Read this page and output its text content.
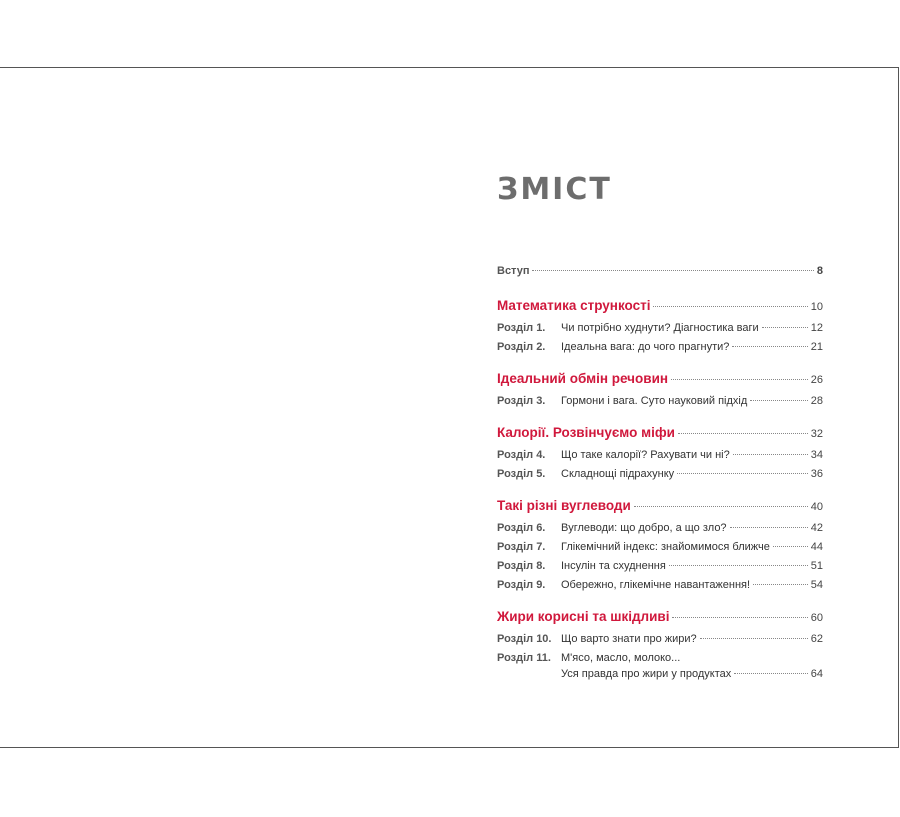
ЗМІСТ
Вступ	8
Математика стрункості	10
Розділ 1.	Чи потрібно худнути? Діагностика ваги	12
Розділ 2.	Ідеальна вага: до чого прагнути?	21
Ідеальний обмін речовин	26
Розділ 3.	Гормони і вага. Суто науковий підхід	28
Калорії. Розвінчуємо міфи	32
Розділ 4.	Що таке калорії? Рахувати чи ні?	34
Розділ 5.	Складнощі підрахунку	36
Такі різні вуглеводи	40
Розділ 6.	Вуглеводи: що добро, а що зло?	42
Розділ 7.	Глікемічний індекс: знайомимося ближче	44
Розділ 8.	Інсулін та схуднення	51
Розділ 9.	Обережно, глікемічне навантаження!	54
Жири корисні та шкідливі	60
Розділ 10. Що варто знати про жири?	62
Розділ 11. М'ясо, масло, молоко...
Уся правда про жири у продуктах	64
